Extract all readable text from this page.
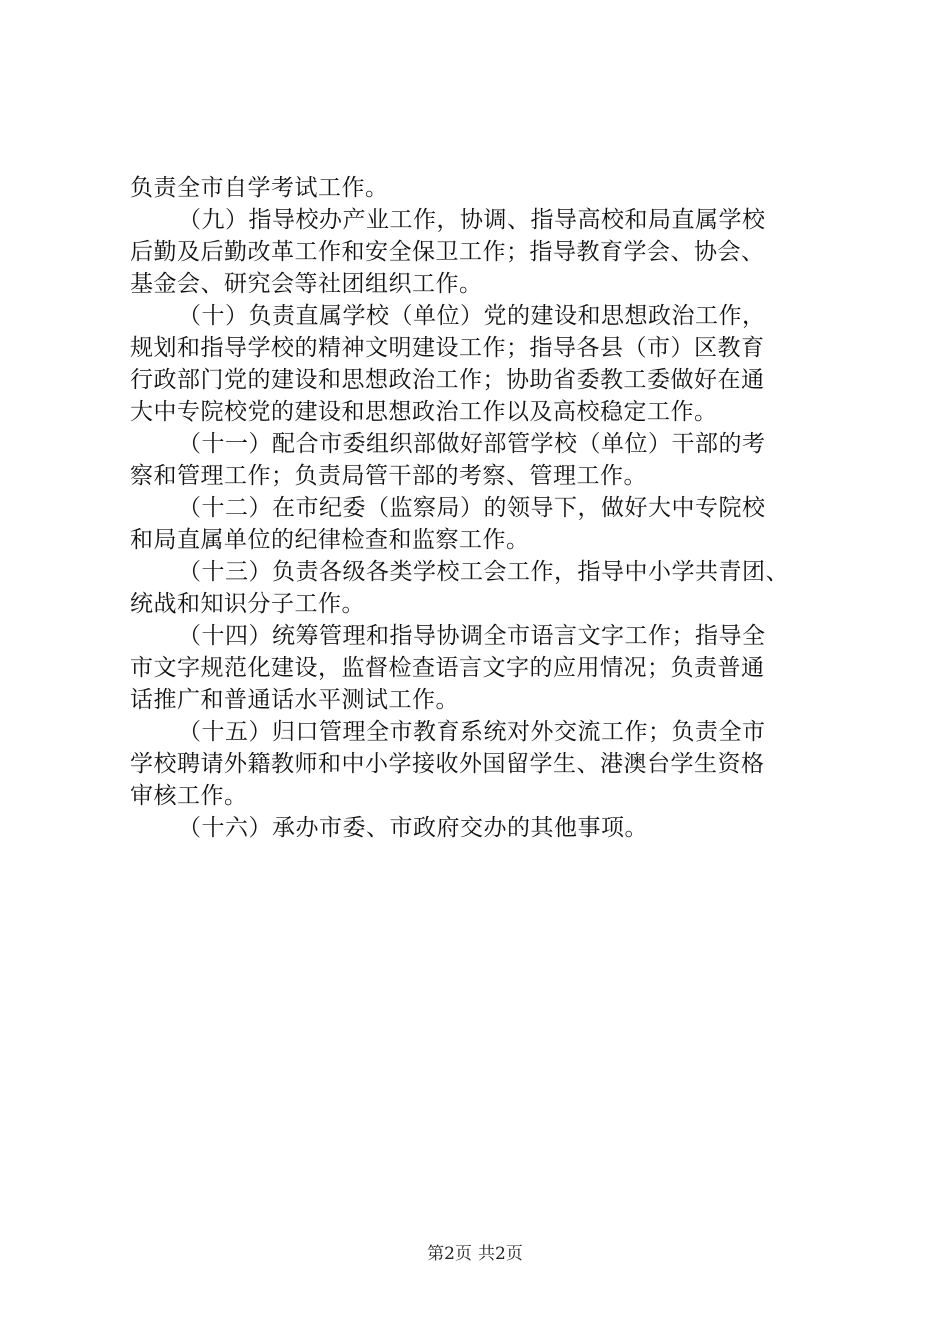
负责全市自学考试工作。
（九）指导校办产业工作，协调、指导高校和局直属学校
后勤及后勤改革工作和安全保卫工作；指导教育学会、协会、
基金会、研究会等社团组织工作。
（十）负责直属学校（单位）党的建设和思想政治工作，
规划和指导学校的精神文明建设工作；指导各县（市）区教育
行政部门党的建设和思想政治工作；协助省委教工委做好在通
大中专院校党的建设和思想政治工作以及高校稳定工作。
（十一）配合市委组织部做好部管学校（单位）干部的考
察和管理工作；负责局管干部的考察、管理工作。
（十二）在市纪委（监察局）的领导下，做好大中专院校
和局直属单位的纪律检查和监察工作。
（十三）负责各级各类学校工会工作，指导中小学共青团、
统战和知识分子工作。
（十四）统筹管理和指导协调全市语言文字工作；指导全
市文字规范化建设，监督检查语言文字的应用情况；负责普通
话推广和普通话水平测试工作。
（十五）归口管理全市教育系统对外交流工作；负责全市
学校聘请外籍教师和中小学接收外国留学生、港澳台学生资格
审核工作。
（十六）承办市委、市政府交办的其他事项。
第2页 共2页
